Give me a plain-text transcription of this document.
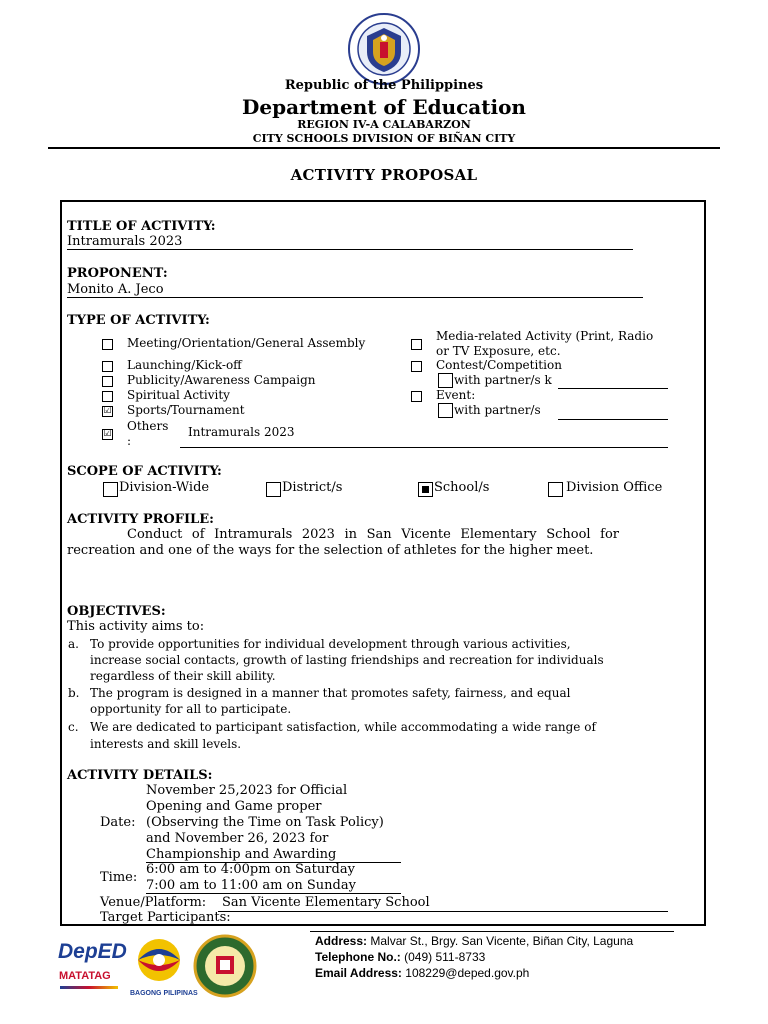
Republic of the Philippines
Department of Education
REGION IV-A CALABARZON
CITY SCHOOLS DIVISION OF BIÑAN CITY
ACTIVITY PROPOSAL
TITLE OF ACTIVITY:
Intramurals 2023
PROPONENT:
Monito A. Jeco
TYPE OF ACTIVITY:
Meeting/Orientation/General Assembly
Launching/Kick-off
Publicity/Awareness Campaign
Spiritual Activity
☑ Sports/Tournament
☑
Others
:
Intramurals 2023
Media-related Activity (Print, Radio
or TV Exposure, etc.
Contest/Competition
with partner/s k
Event:
with partner/s
SCOPE OF ACTIVITY:
Division-Wide	District/s	School/s	Division Office
ACTIVITY PROFILE:
Conduct of Intramurals 2023 in San Vicente Elementary School for recreation and one of the ways for the selection of athletes for the higher meet.
OBJECTIVES:
This activity aims to:
a. To provide opportunities for individual development through various activities,
increase social contacts, growth of lasting friendships and recreation for individuals
regardless of their skill ability.
b. The program is designed in a manner that promotes safety, fairness, and equal
opportunity for all to participate.
c. We are dedicated to participant satisfaction, while accommodating a wide range of
interests and skill levels.
ACTIVITY DETAILS:
November 25,2023 for Official
Opening and Game proper
Date: (Observing the Time on Task Policy)
and November 26, 2023 for
Championship and Awarding
Time:
6:00 am to 4:00pm on Saturday
7:00 am to 11:00 am on Sunday
Venue/Platform: San Vicente Elementary School
Target Participants:
DepED
MATATAG
BAGONG PILIPINAS
Address: Malvar St., Brgy. San Vicente, Biñan City, Laguna
Telephone No.: (049) 511-8733
Email Address: 108229@deped.gov.ph
